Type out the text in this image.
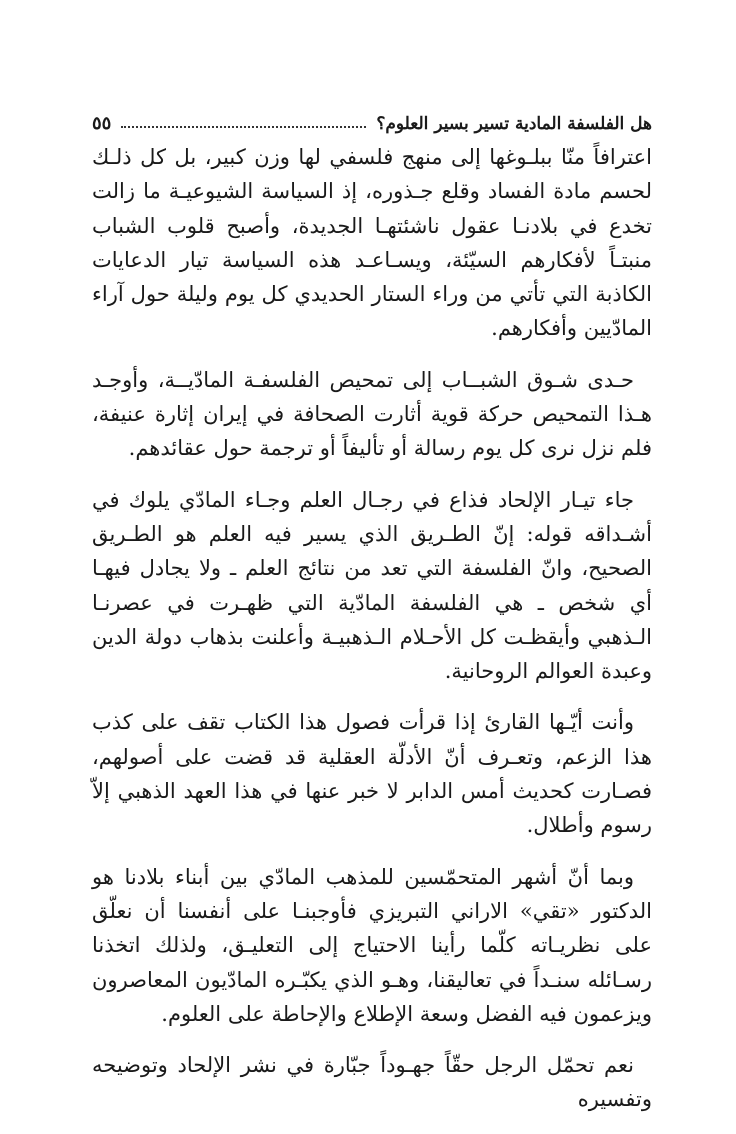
هل الفلسفة المادية تسير بسير العلوم؟
٥٥

اعترافاً منّا ببلـوغها إلى منهج فلسفي لها وزن كبير، بل كل ذلـك لحسم مادة الفساد وقلع جـذوره، إذ السياسة الشيوعيـة ما زالت تخدع في بلادنـا عقول ناشئتهـا الجديدة، وأصبح قلوب الشباب منبتـاً لأفكارهم السيّئة، ويسـاعـد هذه السياسة تيار الدعايات الكاذبة التي تأتي من وراء الستار الحديدي كل يوم وليلة حول آراء المادّيين وأفكارهم.

حـدى شـوق الشبــاب إلى تمحيص الفلسفـة المادّيــة، وأوجـد هـذا التمحيص حركة قوية أثارت الصحافة في إيران إثارة عنيفة، فلم نزل نرى كل يوم رسالة أو تأليفاً أو ترجمة حول عقائدهم.

جاء تيـار الإلحاد فذاع في رجـال العلم وجـاء المادّي يلوك في أشـداقه قوله: إنّ الطـريق الذي يسير فيه العلم هو الطـريق الصحيح، وانّ الفلسفة التي تعد من نتائج العلم ـ ولا يجادل فيهـا أي شخص ـ هي الفلسفة المادّية التي ظهـرت في عصرنـا الـذهبي وأيقظـت كل الأحـلام الـذهبيـة وأعلنت بذهاب دولة الدين وعبدة العوالم الروحانية.

وأنت أيّـها القارئ إذا قرأت فصول هذا الكتاب تقف على كذب هذا الزعم، وتعـرف أنّ الأدلّة العقلية قد قضت على أصولهم، فصـارت كحديث أمس الدابر لا خبر عنها في هذا العهد الذهبي إلاّ رسوم وأطلال.

وبما أنّ أشهر المتحمّسين للمذهب المادّي بين أبناء بلادنا هو الدكتور «تقي» الاراني التبريزي فأوجبنـا على أنفسنا أن نعلّق على نظريـاته كلّما رأينا الاحتياج إلى التعليـق، ولذلك اتخذنا رسـائله سنـداً في تعاليقنا، وهـو الذي يكبّـره المادّيون المعاصرون ويزعمون فيه الفضل وسعة الإطلاع والإحاطة على العلوم.

نعم تحمّل الرجل حقّاً جهـوداً جبّارة في نشر الإلحاد وتوضيحه وتفسيره
